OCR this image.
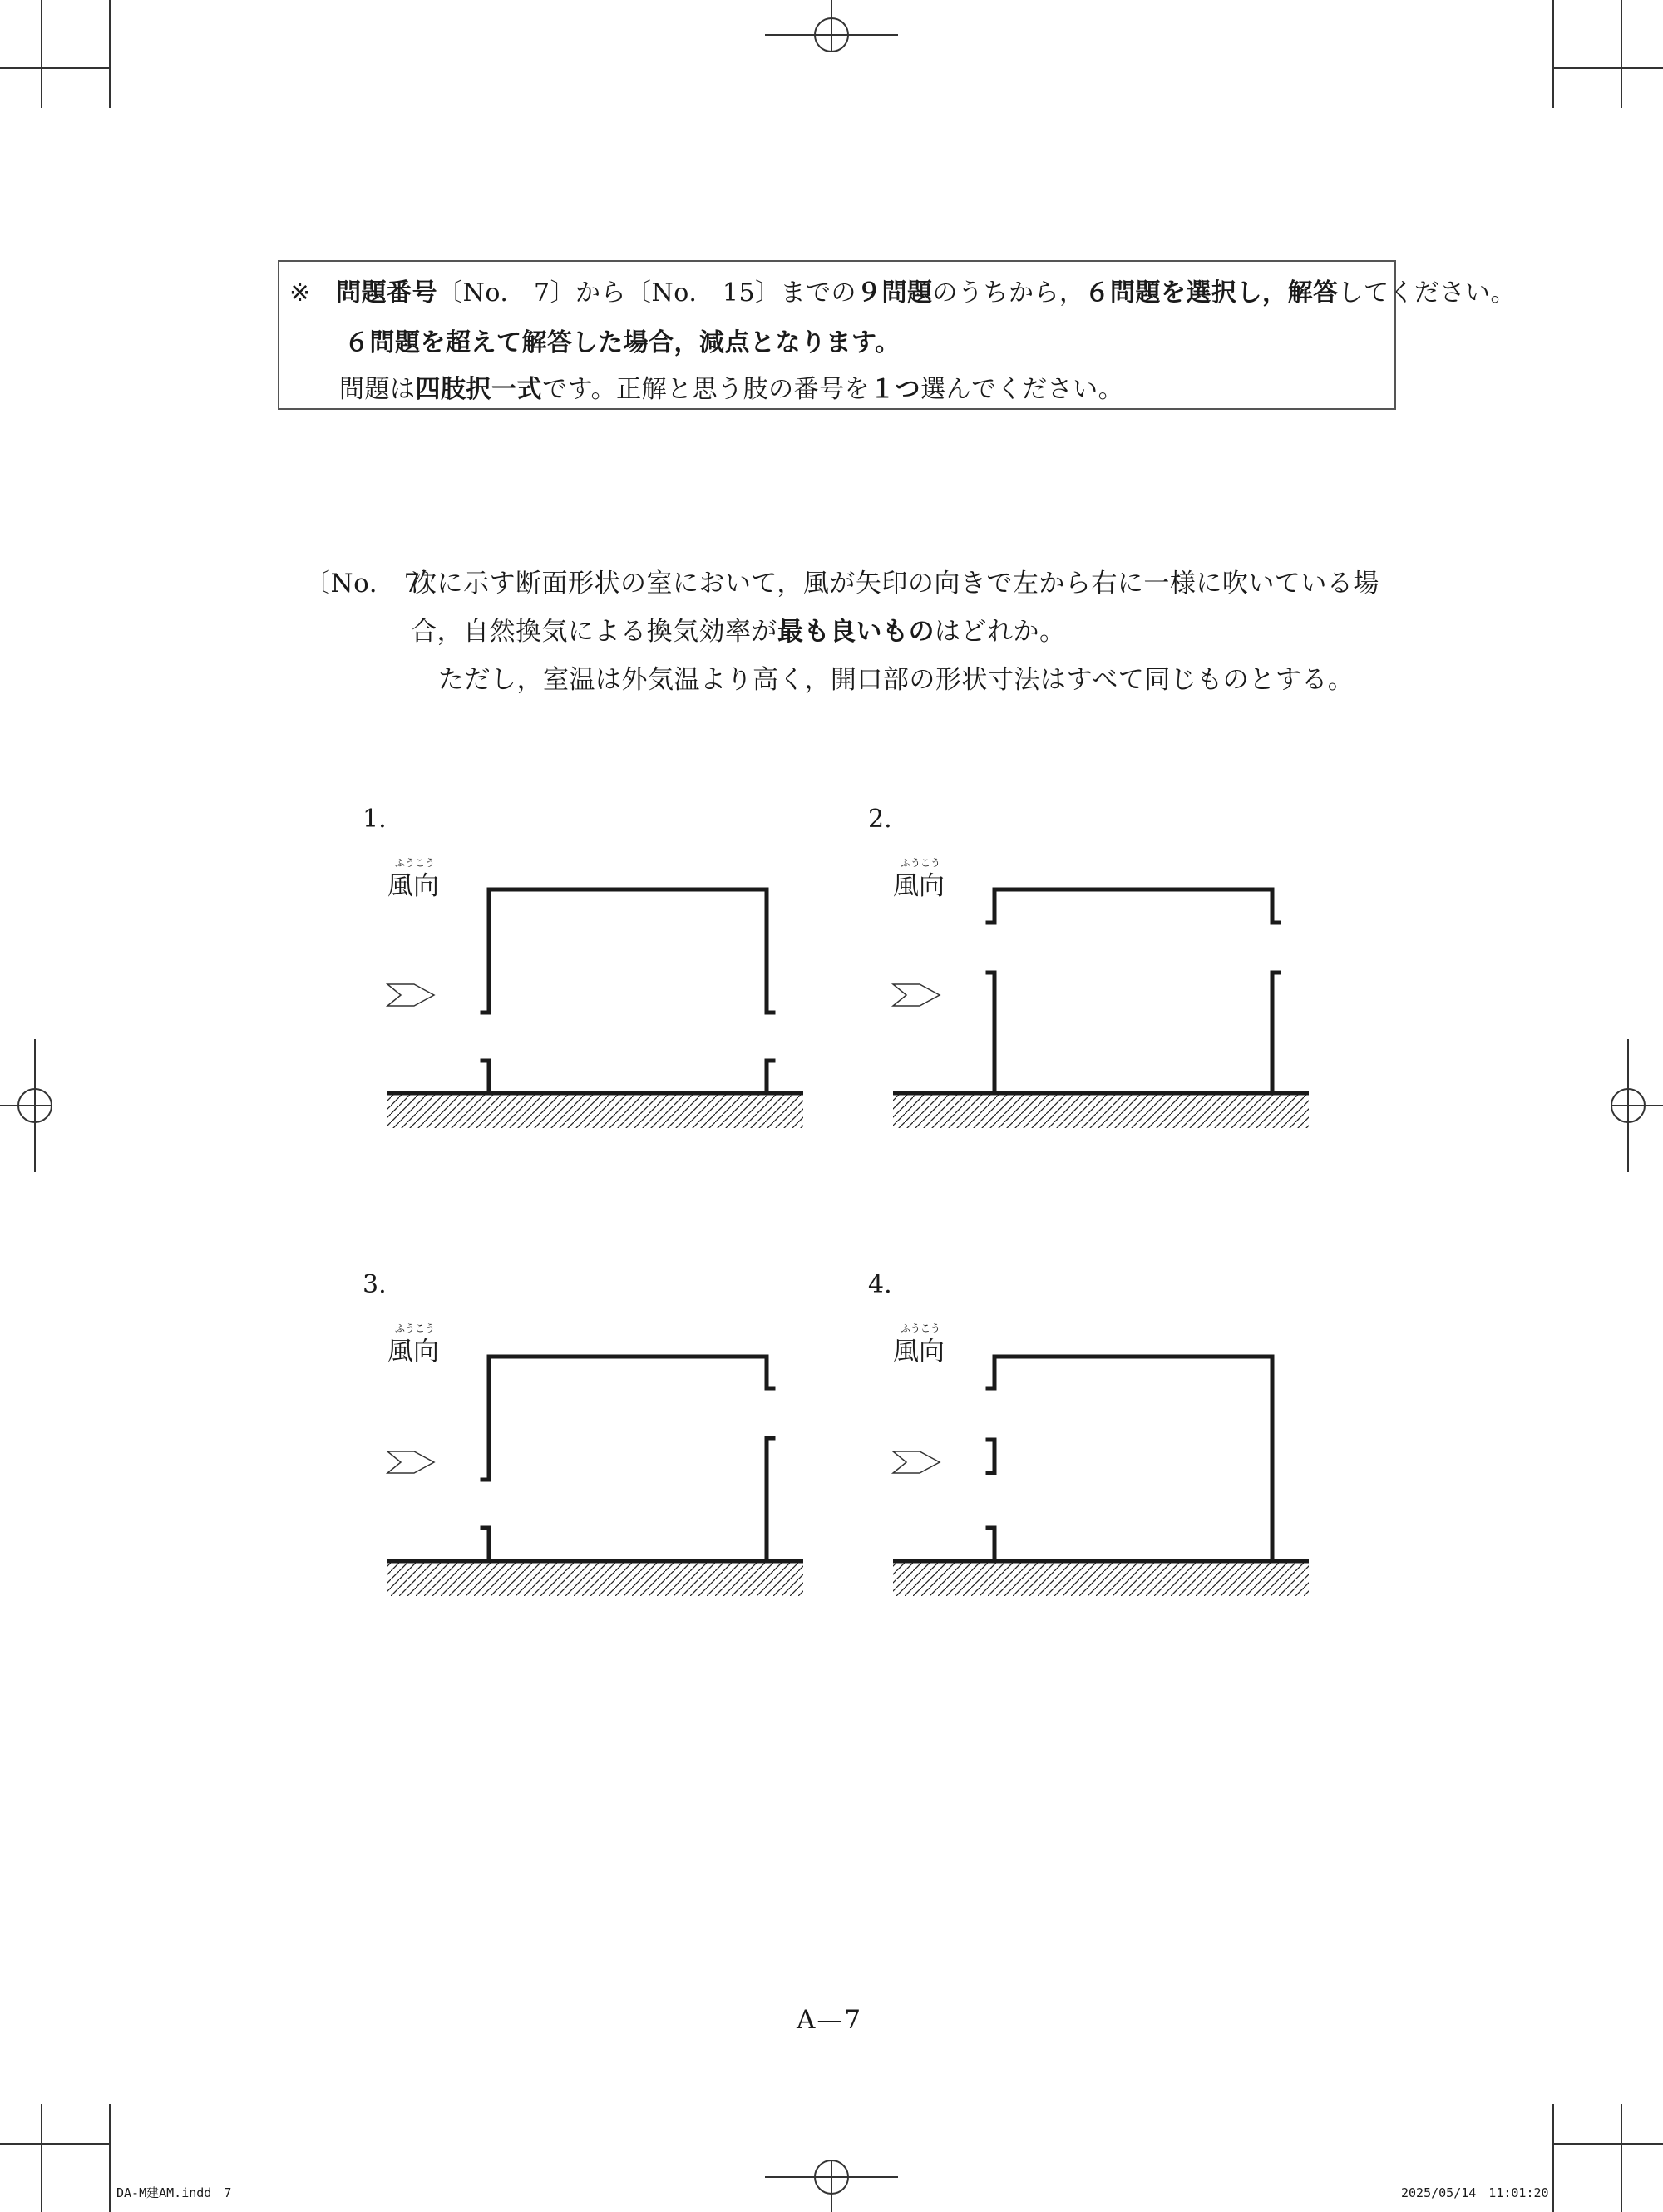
※　 問題番号〔No.　7〕から〔No.　15〕までの９問題のうちから，６問題を選択し，解答してください。
６問題を超えて解答した場合，減点となります。
問題は四肢択一式です。正解と思う肢の番号を１つ選んでください。
〔No.　7〕
次に示す断面形状の室において，風が矢印の向きで左から右に一様に吹いている場
合，自然換気による換気効率が最も良いものはどれか。
ただし，室温は外気温より高く，開口部の形状寸法はすべて同じものとする。
1.
ふうこう
風向
2.
ふうこう
風向
3.
ふうこう
風向
4.
ふうこう
風向
A—7
DA-M建AM.indd　7	2025/05/14　11:01:20
